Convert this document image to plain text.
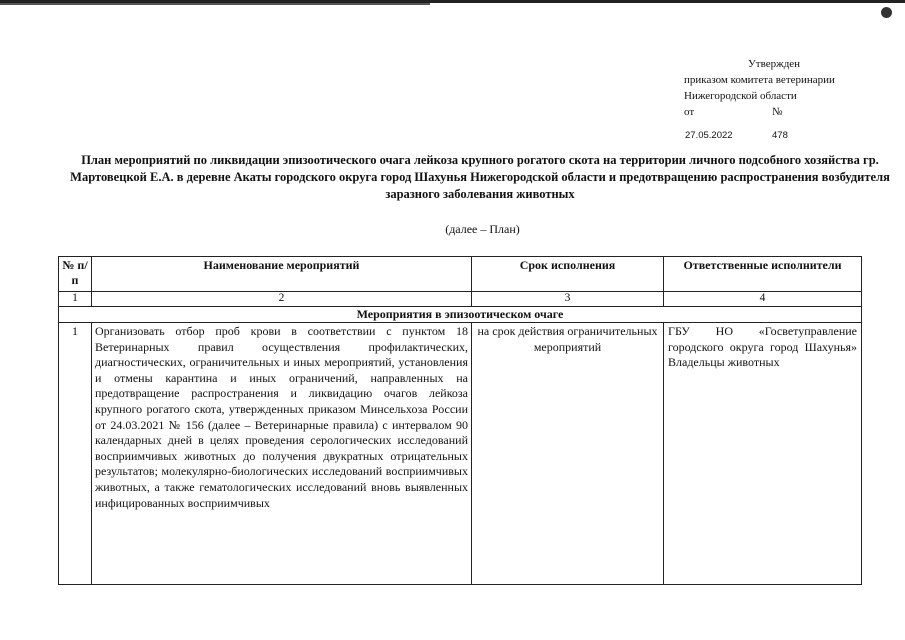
Утвержден
приказом комитета ветеринарии
Нижегородской области
от	№
27.05.2022	478
План мероприятий по ликвидации эпизоотического очага лейкоза крупного рогатого скота на территории личного подсобного хозяйства гр. Мартовецкой Е.А. в деревне Акаты городского округа город Шахунья Нижегородской области и предотвращению распространения возбудителя заразного заболевания животных
(далее – План)
№ п/п	Наименование мероприятий	Срок исполнения	Ответственные исполнители
1	2	3	4
Мероприятия в эпизоотическом очаге			
1	Организовать отбор проб крови в соответствии с пунктом 18 Ветеринарных правил осуществления профилактических, диагностических, ограничительных и иных мероприятий, установления и отмены карантина и иных ограничений, направленных на предотвращение распространения и ликвидацию очагов лейкоза крупного рогатого скота, утвержденных приказом Минсельхоза России от 24.03.2021 № 156 (далее – Ветеринарные правила) с интервалом 90 календарных дней в целях проведения серологических исследований восприимчивых животных до получения двукратных отрицательных результатов; молекулярно-биологических исследований восприимчивых животных, а также гематологических исследований вновь выявленных инфицированных восприимчивых	на срок действия ограничительных мероприятий	ГБУ НО «Госветуправление городского округа город Шахунья»
Владельцы животных
